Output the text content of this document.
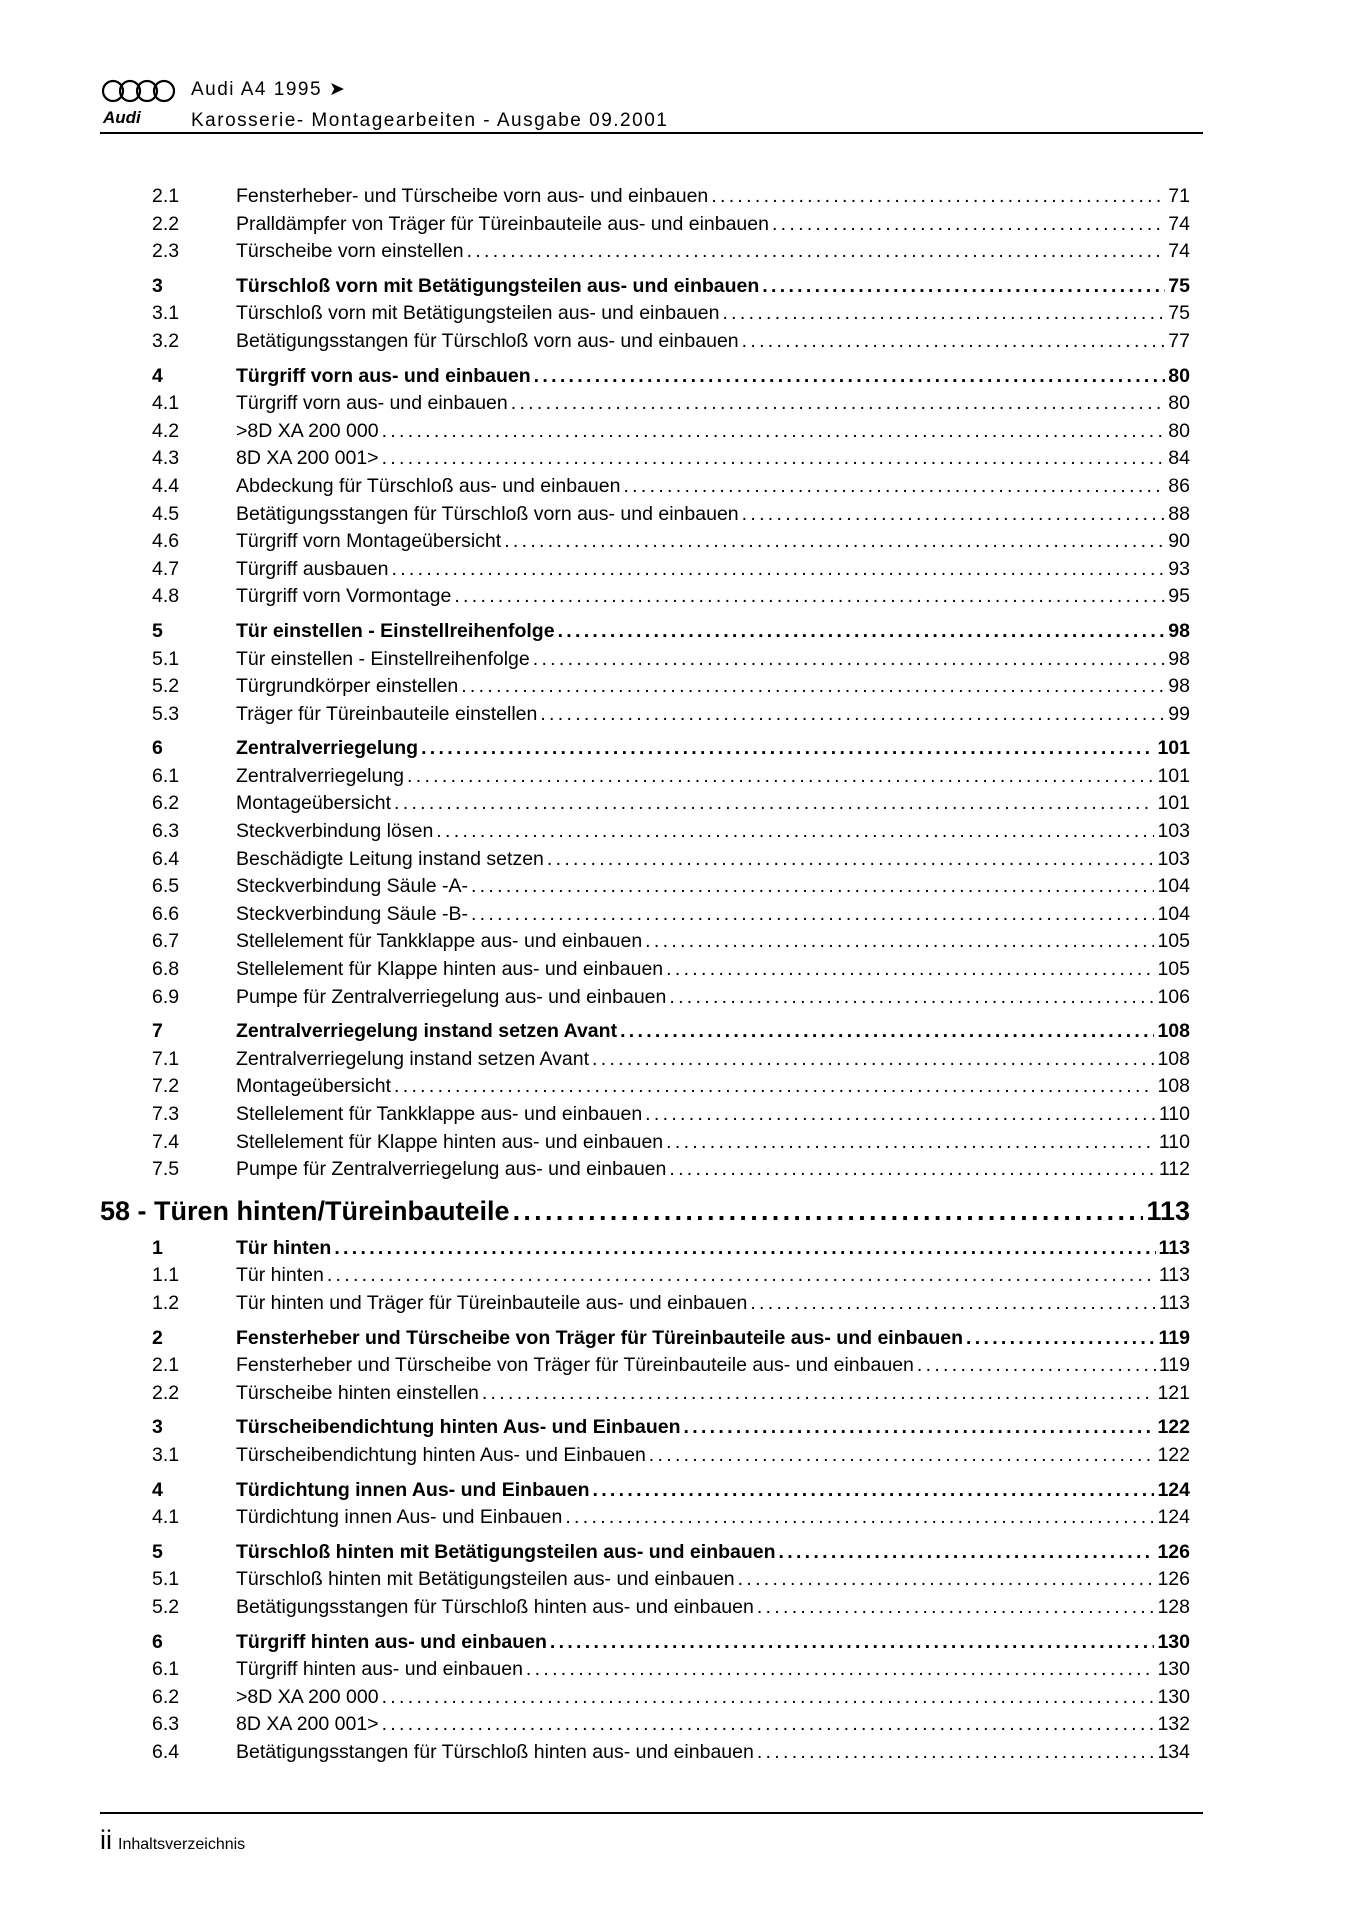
Audi
Audi A4 1995 ➤
Karosserie- Montagearbeiten - Ausgabe 09.2001
2.1	Fensterheber- und Türscheibe vorn aus- und einbauen .....	71
2.2	Pralldämpfer von Träger für Türeinbauteile aus- und einbauen .....	74
2.3	Türscheibe vorn einstellen .....	74
3	Türschloß vorn mit Betätigungsteilen aus- und einbauen .....	75
3.1	Türschloß vorn mit Betätigungsteilen aus- und einbauen .....	75
3.2	Betätigungsstangen für Türschloß vorn aus- und einbauen .....	77
4	Türgriff vorn aus- und einbauen .....	80
4.1	Türgriff vorn aus- und einbauen .....	80
4.2	>8D XA 200 000 .....	80
4.3	8D XA 200 001> .....	84
4.4	Abdeckung für Türschloß aus- und einbauen .....	86
4.5	Betätigungsstangen für Türschloß vorn aus- und einbauen .....	88
4.6	Türgriff vorn Montageübersicht .....	90
4.7	Türgriff ausbauen .....	93
4.8	Türgriff vorn Vormontage .....	95
5	Tür einstellen - Einstellreihenfolge .....	98
5.1	Tür einstellen - Einstellreihenfolge .....	98
5.2	Türgrundkörper einstellen .....	98
5.3	Träger für Türeinbauteile einstellen .....	99
6	Zentralverriegelung .....	101
6.1	Zentralverriegelung .....	101
6.2	Montageübersicht .....	101
6.3	Steckverbindung lösen .....	103
6.4	Beschädigte Leitung instand setzen .....	103
6.5	Steckverbindung Säule -A- .....	104
6.6	Steckverbindung Säule -B- .....	104
6.7	Stellelement für Tankklappe aus- und einbauen .....	105
6.8	Stellelement für Klappe hinten aus- und einbauen .....	105
6.9	Pumpe für Zentralverriegelung aus- und einbauen .....	106
7	Zentralverriegelung instand setzen Avant .....	108
7.1	Zentralverriegelung instand setzen Avant .....	108
7.2	Montageübersicht .....	108
7.3	Stellelement für Tankklappe aus- und einbauen .....	110
7.4	Stellelement für Klappe hinten aus- und einbauen .....	110
7.5	Pumpe für Zentralverriegelung aus- und einbauen .....	112
58 - Türen hinten/Türeinbauteile .....	113
1	Tür hinten .....	113
1.1	Tür hinten .....	113
1.2	Tür hinten und Träger für Türeinbauteile aus- und einbauen .....	113
2	Fensterheber und Türscheibe von Träger für Türeinbauteile aus- und einbauen .....	119
2.1	Fensterheber und Türscheibe von Träger für Türeinbauteile aus- und einbauen .....	119
2.2	Türscheibe hinten einstellen .....	121
3	Türscheibendichtung hinten Aus- und Einbauen .....	122
3.1	Türscheibendichtung hinten Aus- und Einbauen .....	122
4	Türdichtung innen Aus- und Einbauen .....	124
4.1	Türdichtung innen Aus- und Einbauen .....	124
5	Türschloß hinten mit Betätigungsteilen aus- und einbauen .....	126
5.1	Türschloß hinten mit Betätigungsteilen aus- und einbauen .....	126
5.2	Betätigungsstangen für Türschloß hinten aus- und einbauen .....	128
6	Türgriff hinten aus- und einbauen .....	130
6.1	Türgriff hinten aus- und einbauen .....	130
6.2	>8D XA 200 000 .....	130
6.3	8D XA 200 001> .....	132
6.4	Betätigungsstangen für Türschloß hinten aus- und einbauen .....	134
ii Inhaltsverzeichnis
